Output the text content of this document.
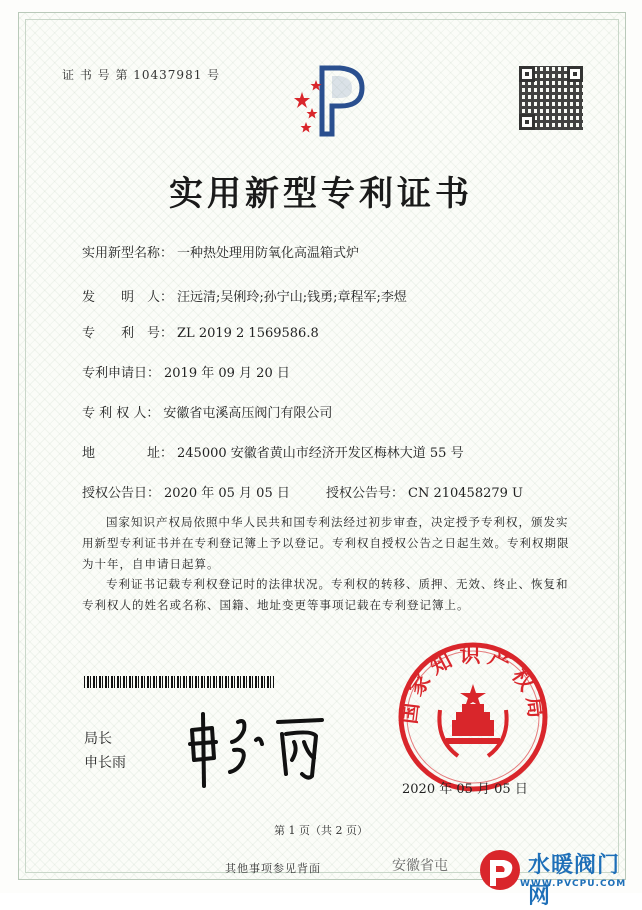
证 书 号 第 10437981 号
实用新型专利证书
实用新型名称： 一种热处理用防氧化高温箱式炉
发　　明　人： 汪远清;吴俐玲;孙宁山;钱勇;章程军;李煜
专　　利　号： ZL 2019 2 1569586.8
专利申请日： 2019 年 09 月 20 日
专 利 权 人： 安徽省屯溪高压阀门有限公司
地　　　　址： 245000 安徽省黄山市经济开发区梅林大道 55 号
授权公告日： 2020 年 05 月 05 日	授权公告号： CN 210458279 U
国家知识产权局依照中华人民共和国专利法经过初步审查，决定授予专利权，颁发实用新型专利证书并在专利登记簿上予以登记。专利权自授权公告之日起生效。专利权期限为十年，自申请日起算。
专利证书记载专利权登记时的法律状况。专利权的转移、质押、无效、终止、恢复和专利权人的姓名或名称、国籍、地址变更等事项记载在专利登记簿上。
局长
申长雨
国家知识产权局
2020 年 05 月 05 日
第 1 页（共 2 页）
其他事项参见背面	安徽省屯	水暖阀门网
WWW.PVCPU.COM
